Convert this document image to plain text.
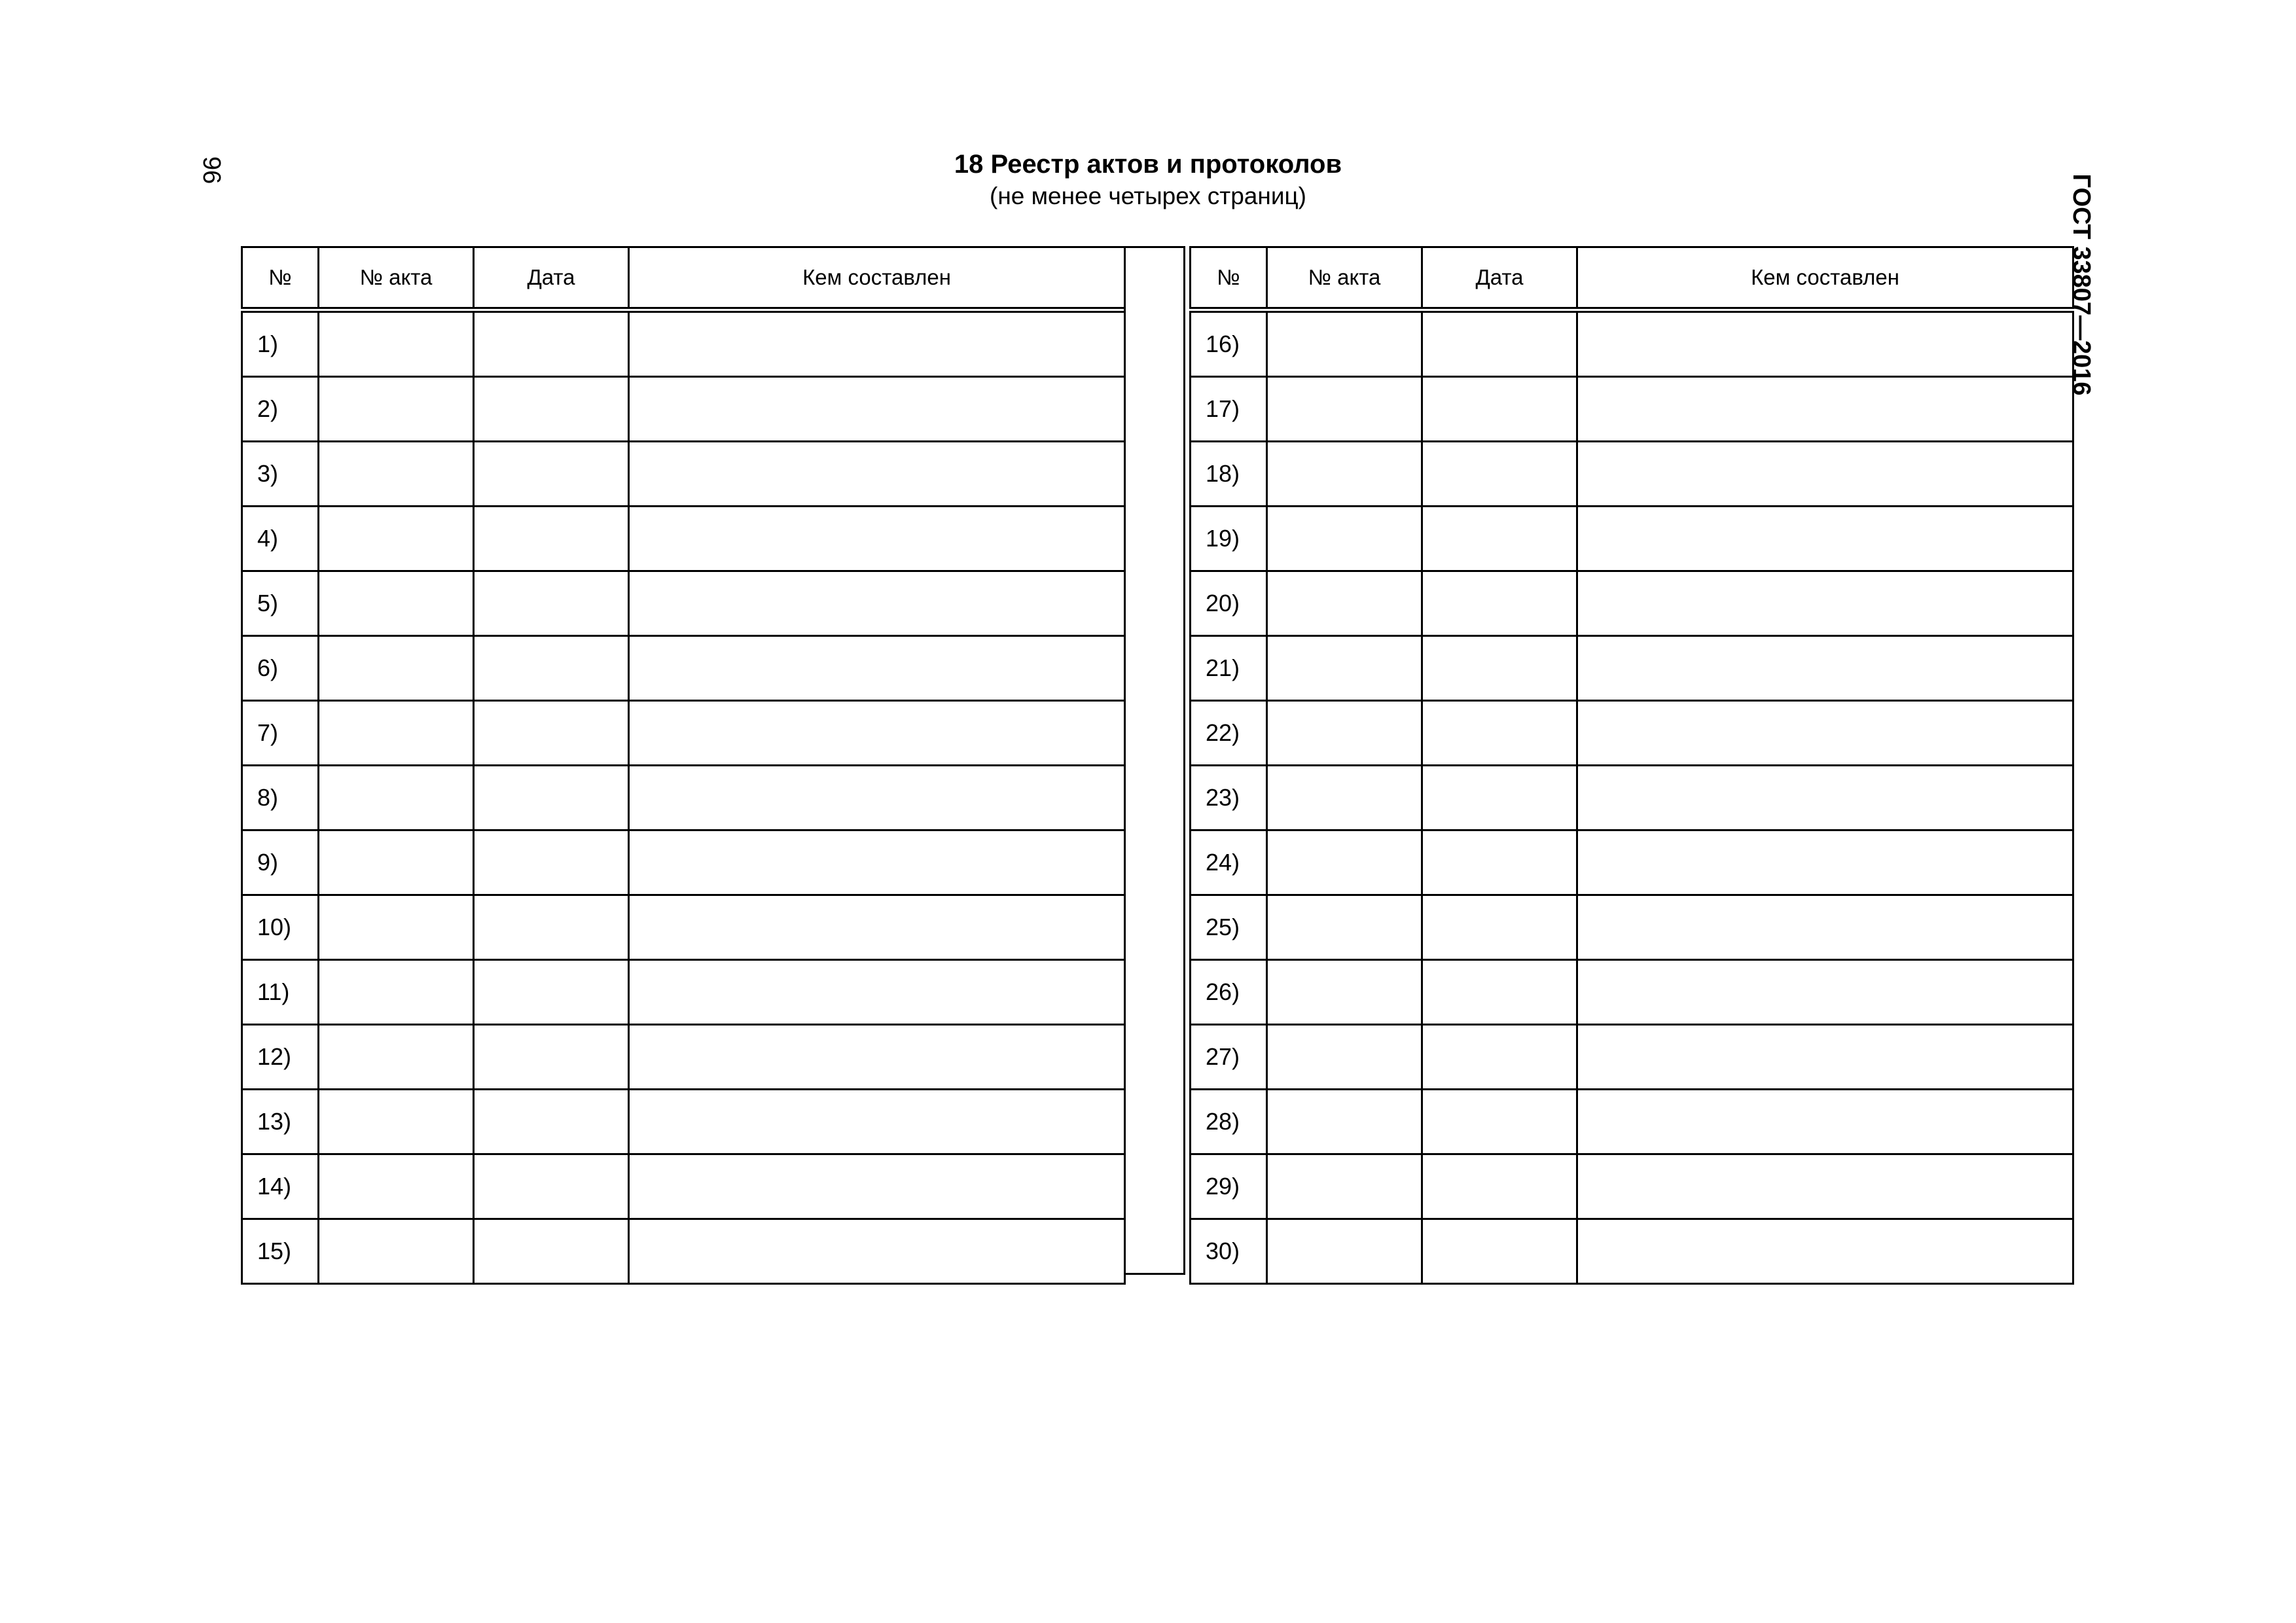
96
ГОСТ 33807—2016
18 Реестр актов и протоколов
(не менее четырех страниц)
№	№ акта	Дата	Кем составлен
1)			
2)			
3)			
4)			
5)			
6)			
7)			
8)			
9)			
10)			
11)			
12)			
13)			
14)			
15)			
№	№ акта	Дата	Кем составлен
16)			
17)			
18)			
19)			
20)			
21)			
22)			
23)			
24)			
25)			
26)			
27)			
28)			
29)			
30)			
